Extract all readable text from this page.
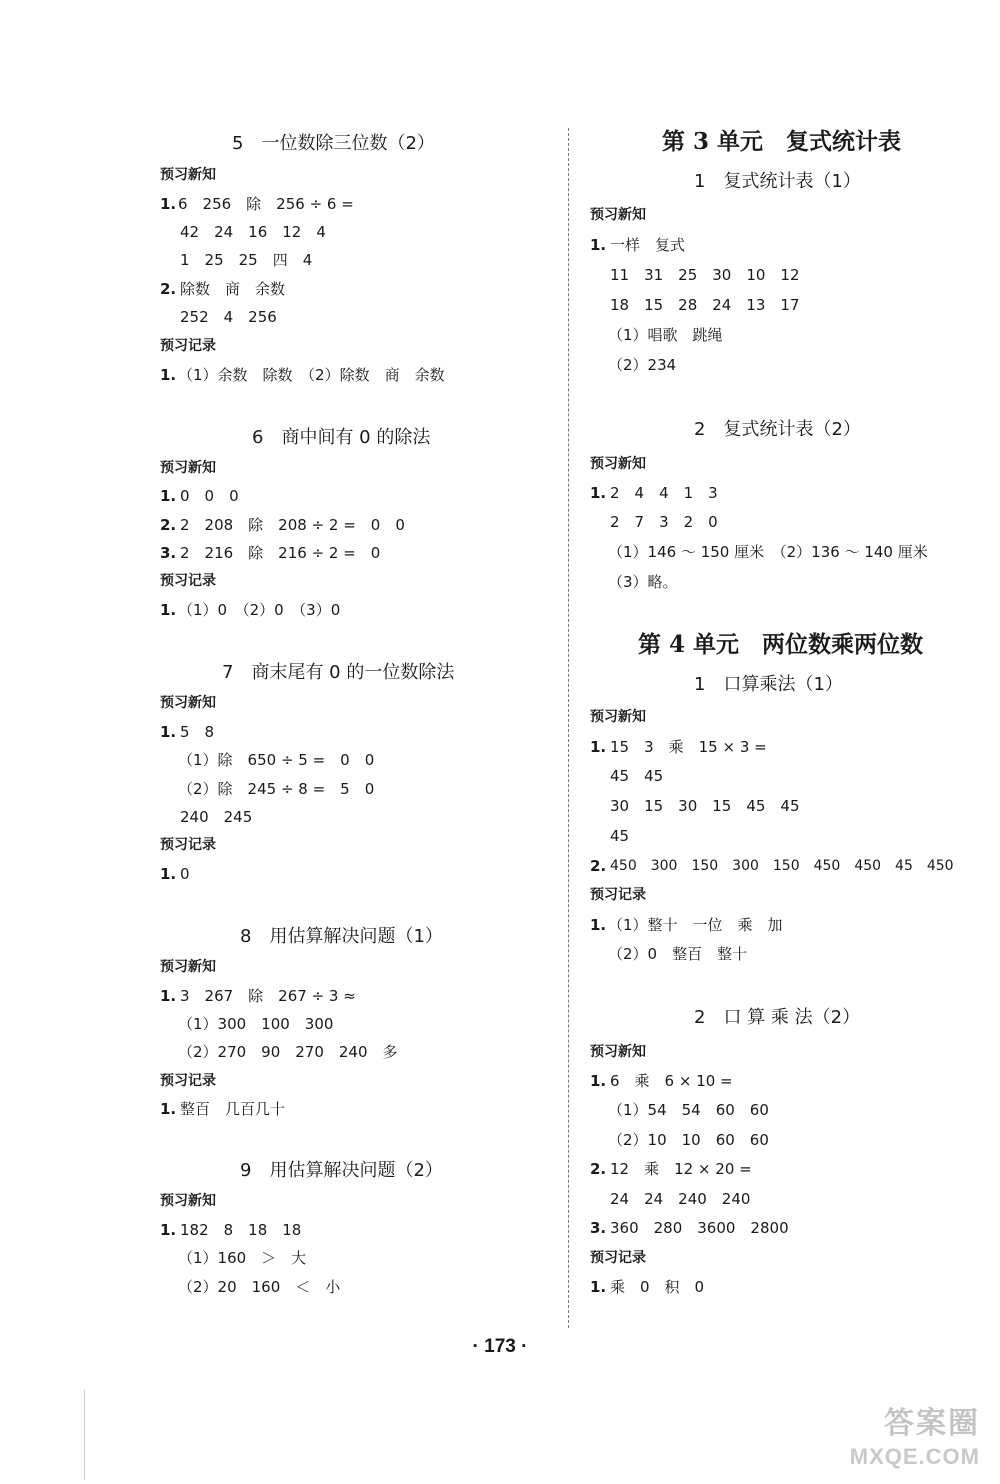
5　一位数除三位数（2）
预习新知
1. 6　256　除　256 ÷ 6 =
42　24　16　12　4
1　25　25　四　4
2. 除数　商　余数
252　4　256
预习记录
1. （1）余数　除数　（2）除数　商　余数
6　商中间有 0 的除法
预习新知
1. 0　0　0
2. 2　208　除　208 ÷ 2 =　0　0
3. 2　216　除　216 ÷ 2 =　0
预习记录
1. （1）0　（2）0　（3）0
7　商末尾有 0 的一位数除法
预习新知
1. 5　8
（1）除　650 ÷ 5 =　0　0
（2）除　245 ÷ 8 =　5　0
240　245
预习记录
1. 0
8　用估算解决问题（1）
预习新知
1. 3　267　除　267 ÷ 3 ≈
（1）300　100　300
（2）270　90　270　240　多
预习记录
1. 整百　几百几十
9　用估算解决问题（2）
预习新知
1. 182　8　18　18
（1）160　＞　大
（2）20　160　＜　小
第 3 单元　复式统计表
1　复式统计表（1）
预习新知
1. 一样　复式
11　31　25　30　10　12
18　15　28　24　13　17
（1）唱歌　跳绳
（2）234
2　复式统计表（2）
预习新知
1. 2　4　4　1　3
2　7　3　2　0
（1）146 ～ 150 厘米　（2）136 ～ 140 厘米
（3）略。
第 4 单元　两位数乘两位数
1　口算乘法（1）
预习新知
1. 15　3　乘　15 × 3 =
45　45
30　15　30　15　45　45
45
2. 450　300　150　300　150　450　450　45　450
预习记录
1. （1）整十　一位　乘　加
（2）0　整百　整十
2　口 算 乘 法（2）
预习新知
1. 6　乘　6 × 10 =
（1）54　54　60　60
（2）10　10　60　60
2. 12　乘　12 × 20 =
24　24　240　240
3. 360　280　3600　2800
预习记录
1. 乘　0　积　0
· 173 ·
答案圈
MXQE.COM
